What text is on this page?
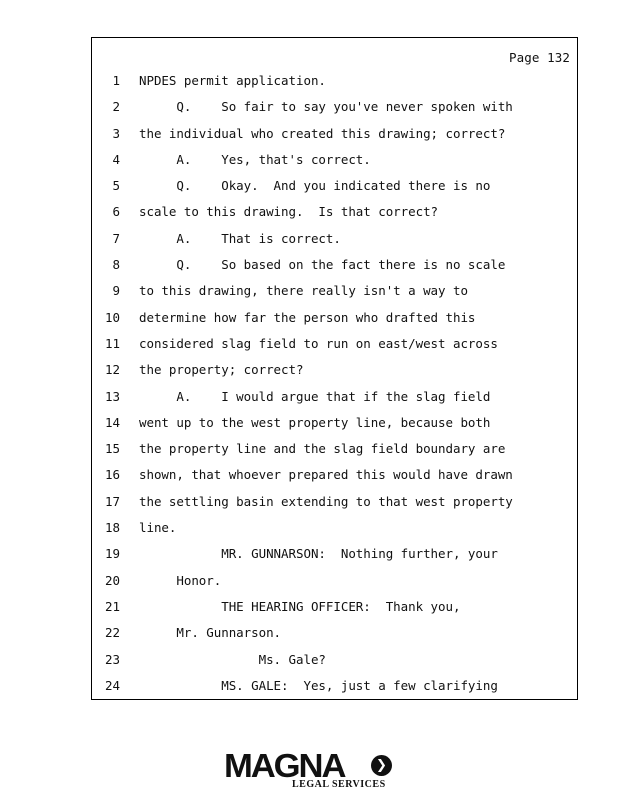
Page 132
1
2
3
4
5
6
7
8
9
10
11
12
13
14
15
16
17
18
19
20
21
22
23
24
NPDES permit application.
Q.    So fair to say you've never spoken with
the individual who created this drawing; correct?
A.    Yes, that's correct.
Q.    Okay.  And you indicated there is no
scale to this drawing.  Is that correct?
A.    That is correct.
Q.    So based on the fact there is no scale
to this drawing, there really isn't a way to
determine how far the person who drafted this
considered slag field to run on east/west across
the property; correct?
A.    I would argue that if the slag field
went up to the west property line, because both
the property line and the slag field boundary are
shown, that whoever prepared this would have drawn
the settling basin extending to that west property
line.
MR. GUNNARSON:  Nothing further, your
Honor.
THE HEARING OFFICER:  Thank you,
Mr. Gunnarson.
Ms. Gale?
MS. GALE:  Yes, just a few clarifying
MAGNA	❯
LEGAL SERVICES
